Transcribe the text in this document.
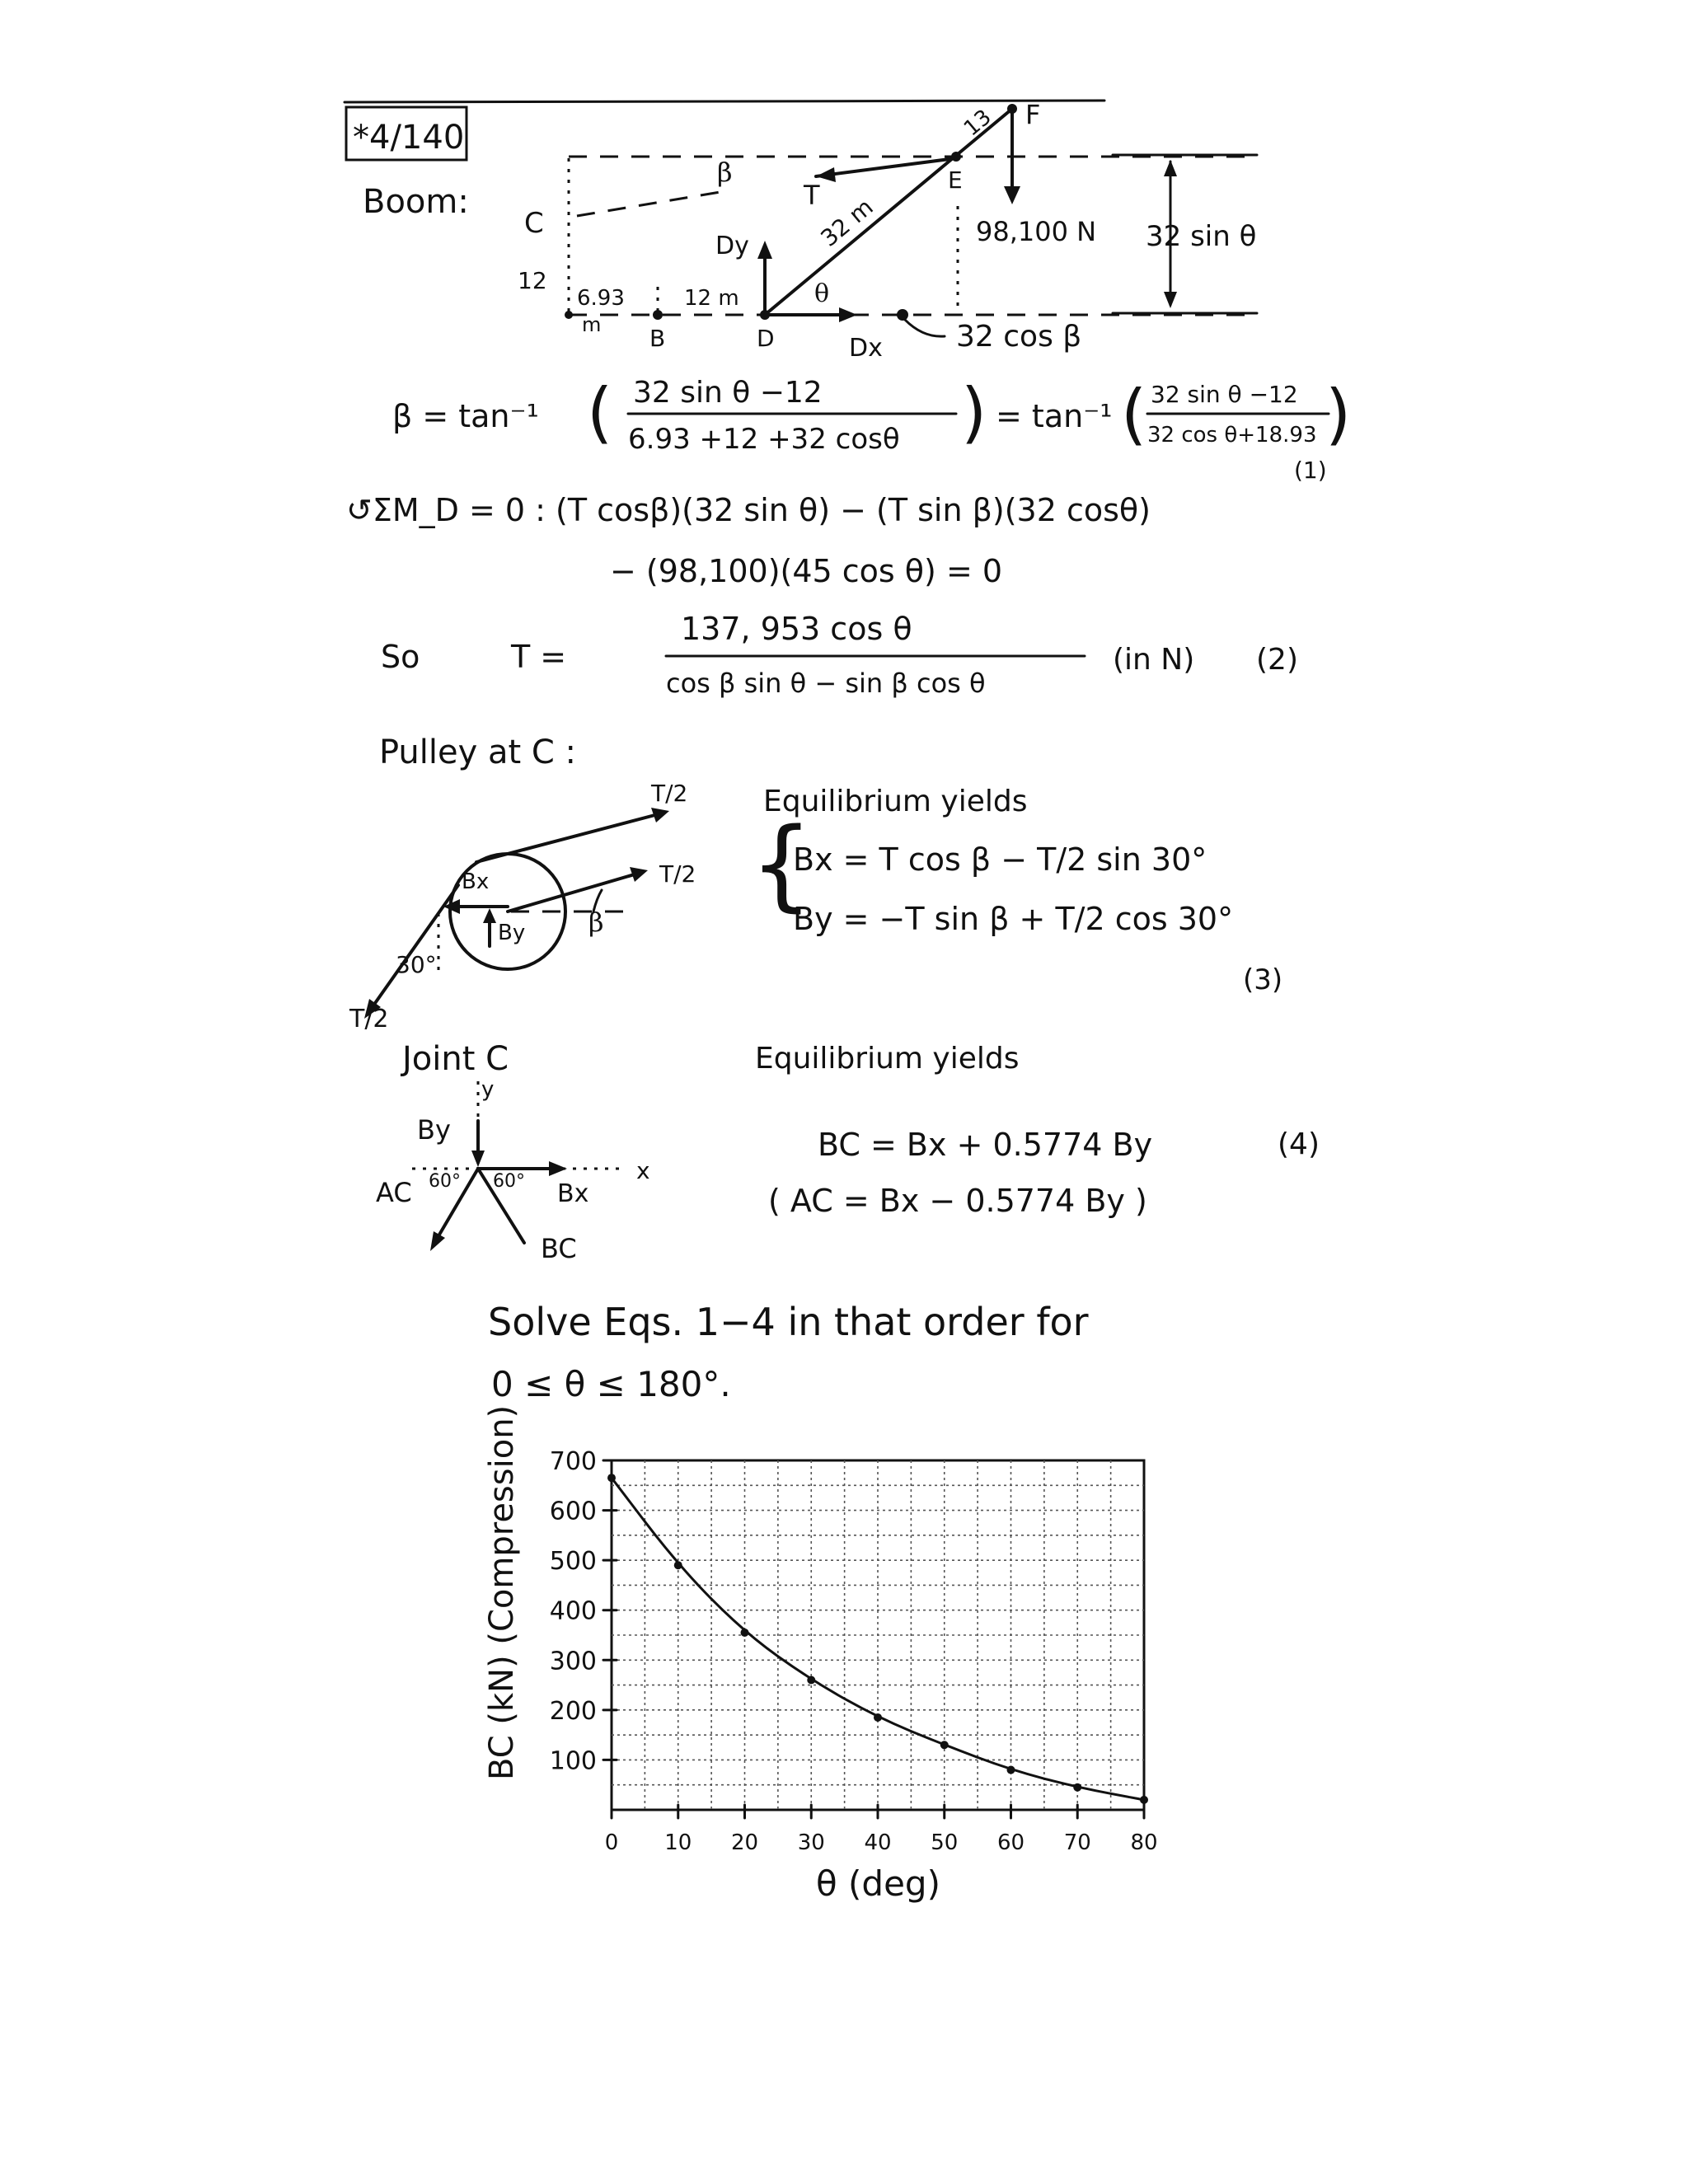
*4/140
Boom:
C
12
β
T
F
E
13
32 m	98,100 N 32 sin θ
Dy
θ
6.93
m
12 m
B	D	Dx 32 cos β
β = tan⁻¹ ( 32 sin θ −12
6.93 +12 +32 cosθ ) = tan⁻¹ ( 32 sin θ −12
32 cos θ+18.93 )
(1)
↺ΣM_D = 0 : (T cosβ)(32 sin θ) − (T sin β)(32 cosθ)
− (98,100)(45 cos θ) = 0
So	T =
137, 953 cos θ
cos β sin θ − sin β cos θ
(in N) (2)
Pulley at C :
T/2
T/2
Bx
By β
30°
T/2
Equilibrium yields
{
Bx = T cos β − T/2 sin 30°
By = −T sin β + T/2 cos 30°
(3)
Joint C
y
By
x
Bx
AC 60° 60°
BC
Equilibrium yields
BC = Bx + 0.5774 By	(4)
( AC = Bx − 0.5774 By )
Solve Eqs. 1−4 in that order for
0 ≤ θ ≤ 180°.
100
200
300
400
500
600
700
0 10 20 30 40 50 60 70 80
BC (kN) (Compression)
θ (deg)
